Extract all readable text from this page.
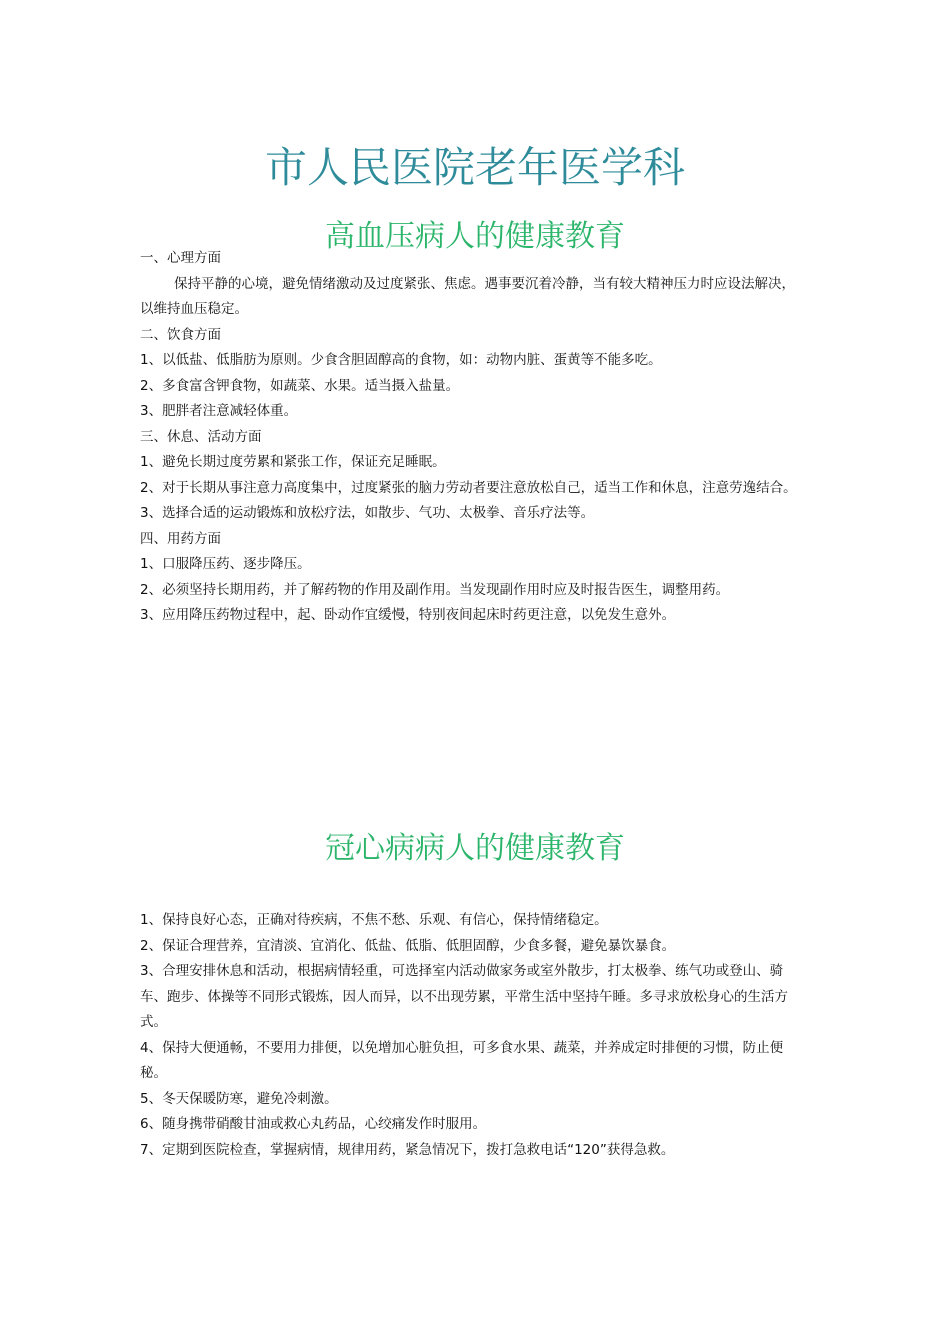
市人民医院老年医学科
高血压病人的健康教育

一、心理方面

保持平静的心境，避免情绪激动及过度紧张、焦虑。遇事要沉着冷静，当有较大精神压力时应设法解决，以维持血压稳定。

二、饮食方面

1、以低盐、低脂肪为原则。少食含胆固醇高的食物，如：动物内脏、蛋黄等不能多吃。

2、多食富含钾食物，如蔬菜、水果。适当摄入盐量。

3、肥胖者注意减轻体重。

三、休息、活动方面

1、避免长期过度劳累和紧张工作，保证充足睡眠。

2、对于长期从事注意力高度集中，过度紧张的脑力劳动者要注意放松自己，适当工作和休息，注意劳逸结合。

3、选择合适的运动锻炼和放松疗法，如散步、气功、太极拳、音乐疗法等。

四、用药方面

1、口服降压药、逐步降压。

2、必须坚持长期用药，并了解药物的作用及副作用。当发现副作用时应及时报告医生，调整用药。

3、应用降压药物过程中，起、卧动作宜缓慢，特别夜间起床时药更注意，以免发生意外。

冠心病病人的健康教育

1、保持良好心态，正确对待疾病，不焦不愁、乐观、有信心，保持情绪稳定。

2、保证合理营养，宜清淡、宜消化、低盐、低脂、低胆固醇，少食多餐，避免暴饮暴食。

3、合理安排休息和活动，根据病情轻重，可选择室内活动做家务或室外散步，打太极拳、练气功或登山、骑车、跑步、体操等不同形式锻炼，因人而异，以不出现劳累，平常生活中坚持午睡。多寻求放松身心的生活方式。

4、保持大便通畅，不要用力排便，以免增加心脏负担，可多食水果、蔬菜，并养成定时排便的习惯，防止便秘。

5、冬天保暖防寒，避免冷刺激。

6、随身携带硝酸甘油或救心丸药品，心绞痛发作时服用。

7、定期到医院检查，掌握病情，规律用药，紧急情况下，拨打急救电话“120”获得急救。
